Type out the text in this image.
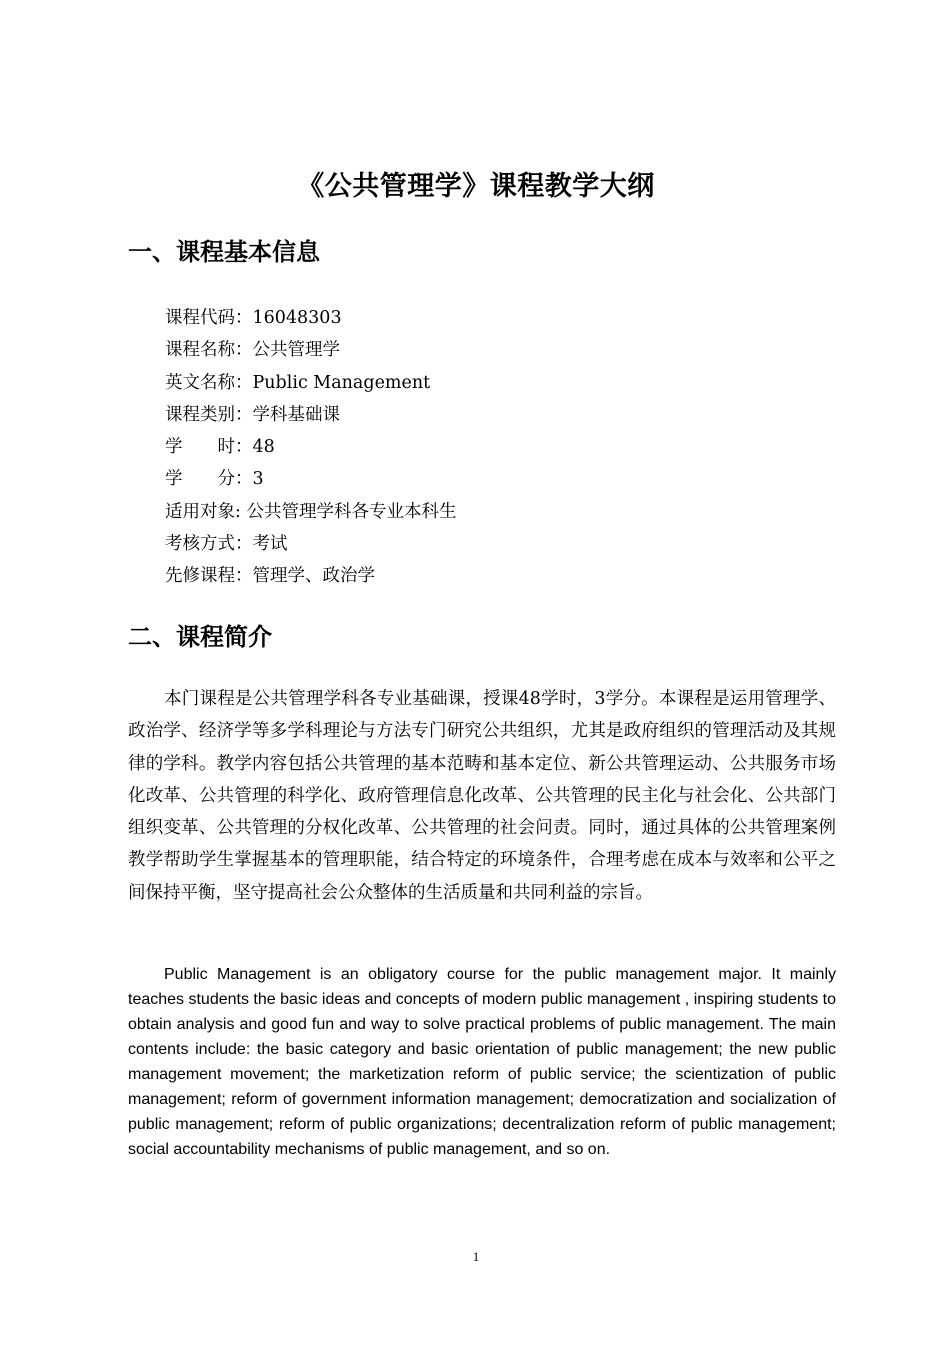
《公共管理学》课程教学大纲
一、课程基本信息
课程代码：16048303
课程名称：公共管理学
英文名称：Public Management
课程类别：学科基础课
学　　时：48
学　　分：3
适用对象: 公共管理学科各专业本科生
考核方式：考试
先修课程：管理学、政治学
二、课程简介

本门课程是公共管理学科各专业基础课，授课48学时，3学分。本课程是运用管理学、政治学、经济学等多学科理论与方法专门研究公共组织，尤其是政府组织的管理活动及其规律的学科。教学内容包括公共管理的基本范畴和基本定位、新公共管理运动、公共服务市场化改革、公共管理的科学化、政府管理信息化改革、公共管理的民主化与社会化、公共部门组织变革、公共管理的分权化改革、公共管理的社会问责。同时，通过具体的公共管理案例教学帮助学生掌握基本的管理职能，结合特定的环境条件，合理考虑在成本与效率和公平之间保持平衡，坚守提高社会公众整体的生活质量和共同利益的宗旨。

Public Management is an obligatory course for the public management major. It mainly teaches students the basic ideas and concepts of modern public management , inspiring students to obtain analysis and good fun and way to solve practical problems of public management. The main contents include: the basic category and basic orientation of public management; the new public management movement; the marketization reform of public service; the scientization of public management; reform of government information management; democratization and socialization of public management; reform of public organizations; decentralization reform of public management; social accountability mechanisms of public management, and so on.

1
